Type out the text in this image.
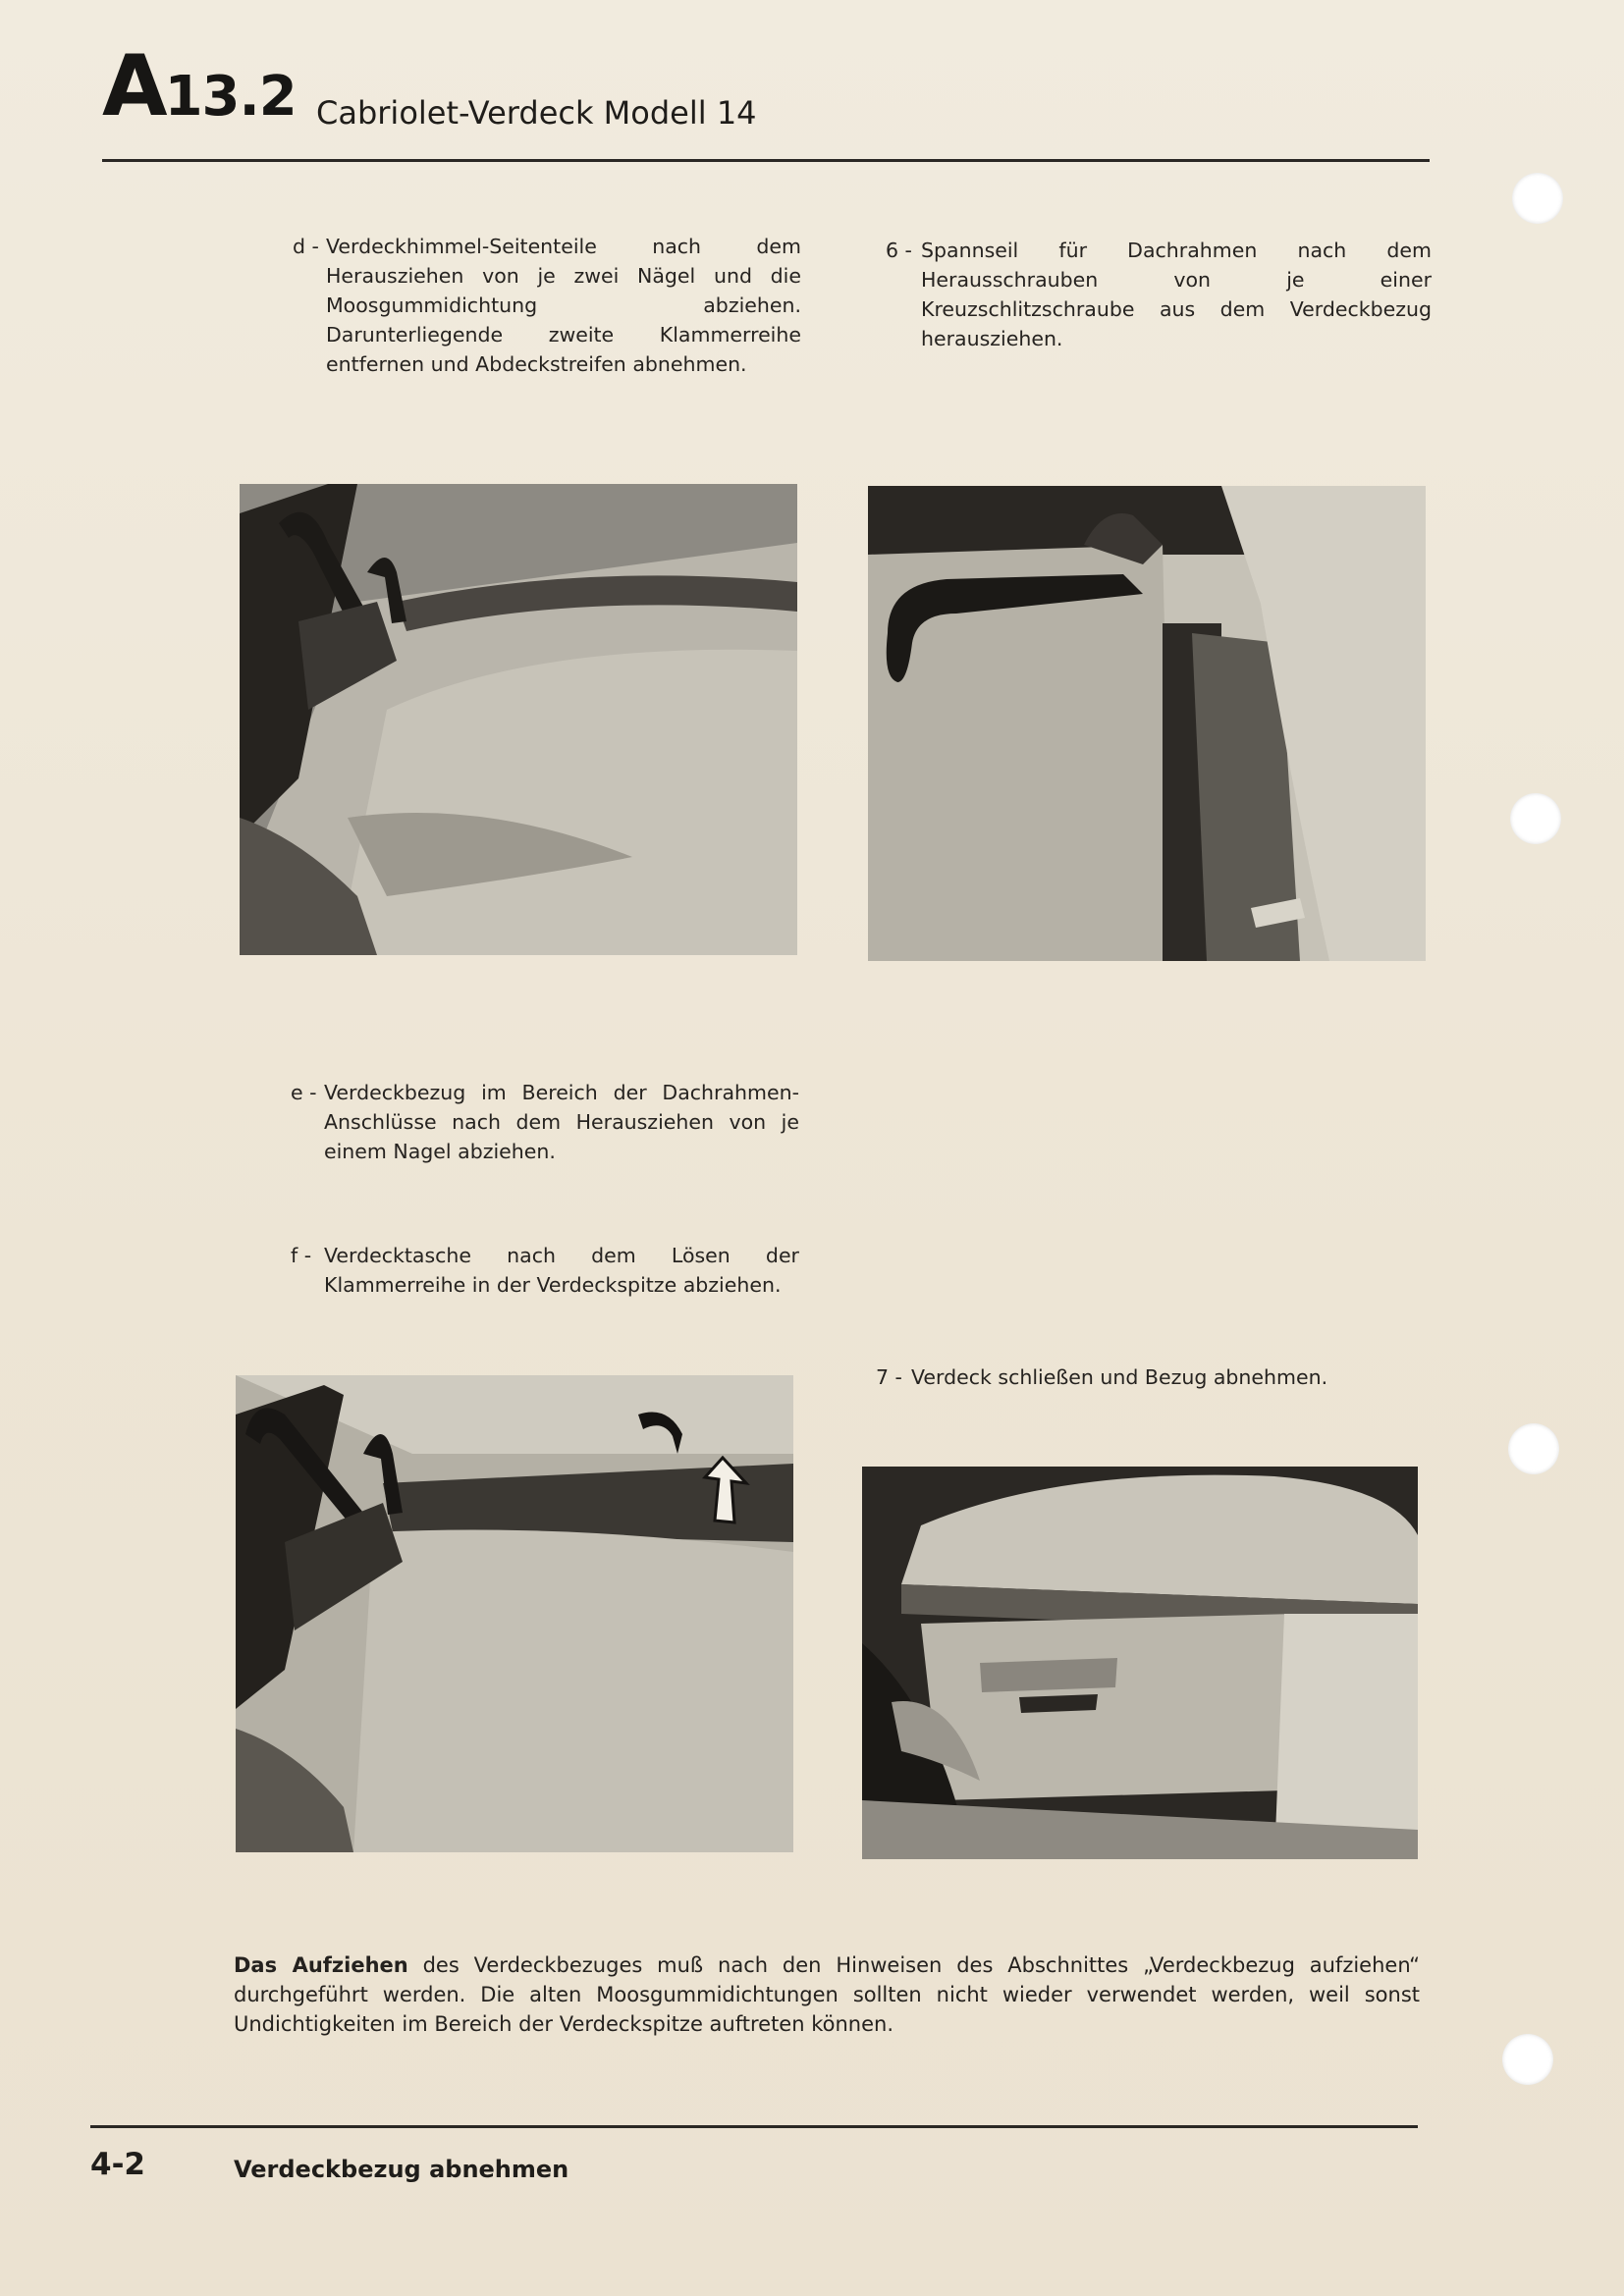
A13.2 Cabriolet-Verdeck Modell 14
d - Verdeckhimmel-Seitenteile nach dem Herausziehen von je zwei Nägel und die Moosgummidichtung abziehen. Darunterliegende zweite Klammerreihe entfernen und Abdeckstreifen abnehmen.
6 - Spannseil für Dachrahmen nach dem Herausschrauben von je einer Kreuzschlitzschraube aus dem Verdeckbezug herausziehen.
e - Verdeckbezug im Bereich der Dachrahmen-Anschlüsse nach dem Herausziehen von je einem Nagel abziehen.
f - Verdecktasche nach dem Lösen der Klammerreihe in der Verdeckspitze abziehen.
7 - Verdeck schließen und Bezug abnehmen.
Das Aufziehen des Verdeckbezuges muß nach den Hinweisen des Abschnittes „Verdeckbezug aufziehen“ durchgeführt werden. Die alten Moosgummidichtungen sollten nicht wieder verwendet werden, weil sonst Undichtigkeiten im Bereich der Verdeckspitze auftreten können.
4-2	Verdeckbezug abnehmen
